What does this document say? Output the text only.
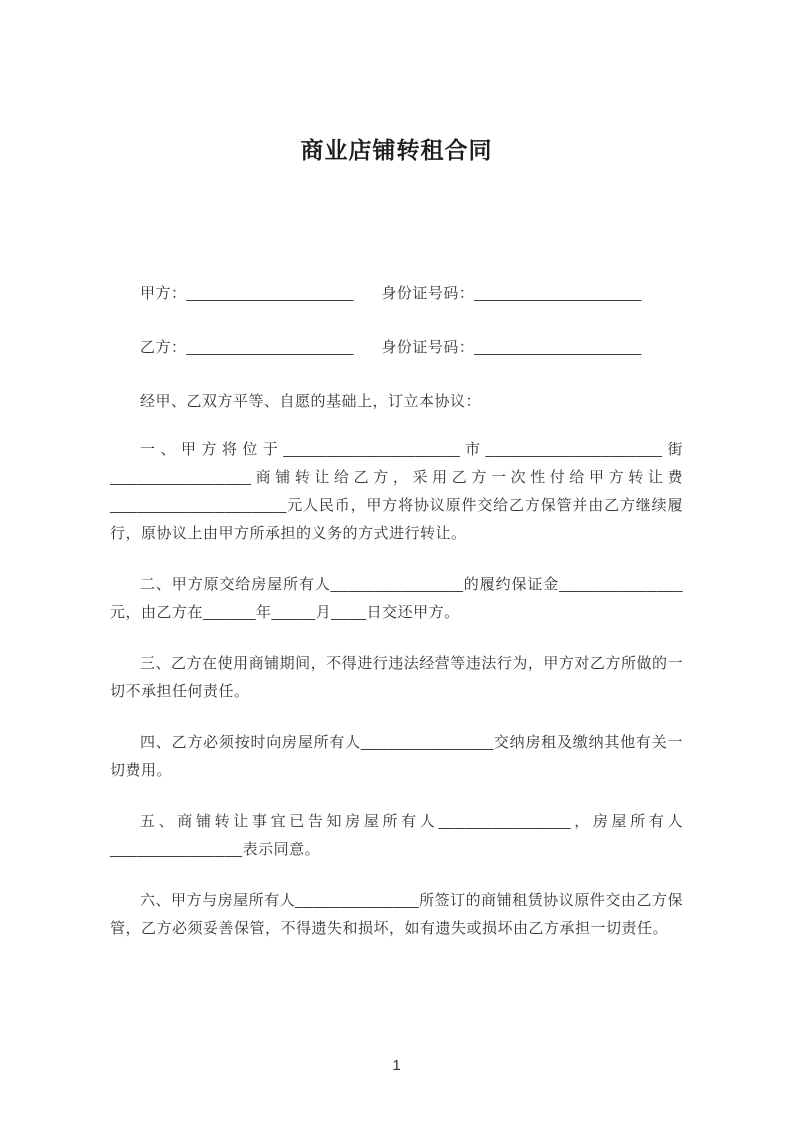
商业店铺转租合同
甲方：____________________ 身份证号码：____________________
乙方：____________________ 身份证号码：____________________

经甲、乙双方平等、自愿的基础上，订立本协议：

一、甲方将位于____________________市____________________街________________商铺转让给乙方，采用乙方一次性付给甲方转让费____________________元人民币，甲方将协议原件交给乙方保管并由乙方继续履行，原协议上由甲方所承担的义务的方式进行转让。

二、甲方原交给房屋所有人_______________的履约保证金______________元，由乙方在______年_____月____日交还甲方。

三、乙方在使用商铺期间，不得进行违法经营等违法行为，甲方对乙方所做的一切不承担任何责任。

四、乙方必须按时向房屋所有人_______________交纳房租及缴纳其他有关一切费用。

五、商铺转让事宜已告知房屋所有人_______________，房屋所有人_______________表示同意。

六、甲方与房屋所有人______________所签订的商铺租赁协议原件交由乙方保管，乙方必须妥善保管，不得遗失和损坏，如有遗失或损坏由乙方承担一切责任。

1
